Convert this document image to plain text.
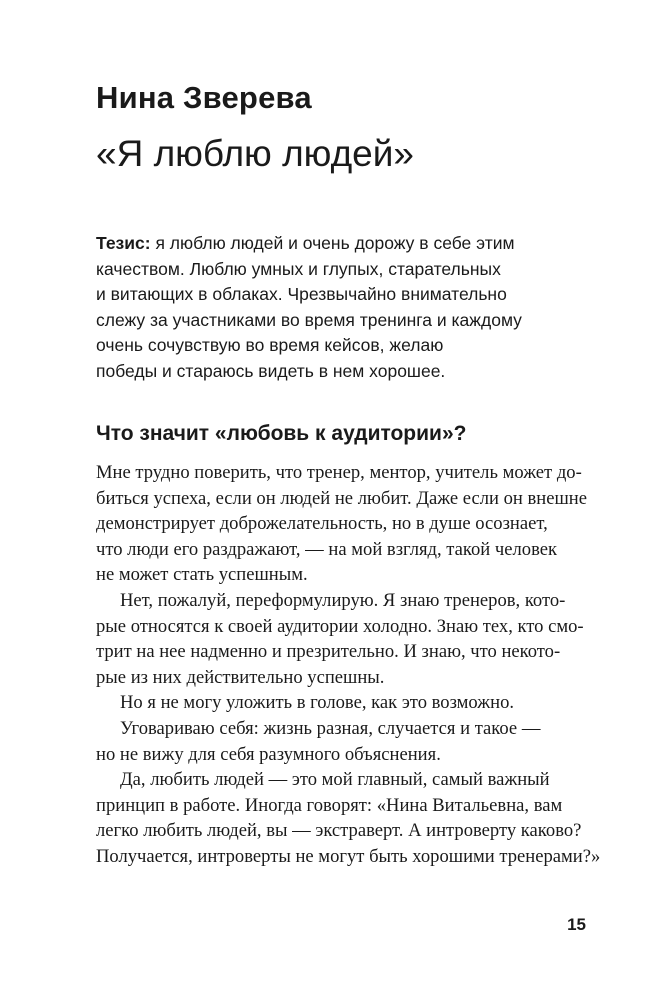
Нина Зверева
«Я люблю людей»
Тезис: я люблю людей и очень дорожу в себе этим
качеством. Люблю умных и глупых, старательных
и витающих в облаках. Чрезвычайно внимательно
слежу за участниками во время тренинга и каждому
очень сочувствую во время кейсов, желаю
победы и стараюсь видеть в нем хорошее.
Что значит «любовь к аудитории»?
Мне трудно поверить, что тренер, ментор, учитель может до-
биться успеха, если он людей не любит. Даже если он внешне
демонстрирует доброжелательность, но в душе осознает,
что люди его раздражают, — на мой взгляд, такой человек
не может стать успешным.
Нет, пожалуй, переформулирую. Я знаю тренеров, кото-
рые относятся к своей аудитории холодно. Знаю тех, кто смо-
трит на нее надменно и презрительно. И знаю, что некото-
рые из них действительно успешны.
Но я не могу уложить в голове, как это возможно.
Уговариваю себя: жизнь разная, случается и такое —
но не вижу для себя разумного объяснения.
Да, любить людей — это мой главный, самый важный
принцип в работе. Иногда говорят: «Нина Витальевна, вам
легко любить людей, вы — экстраверт. А интроверту каково?
Получается, интроверты не могут быть хорошими тренерами?»
15
